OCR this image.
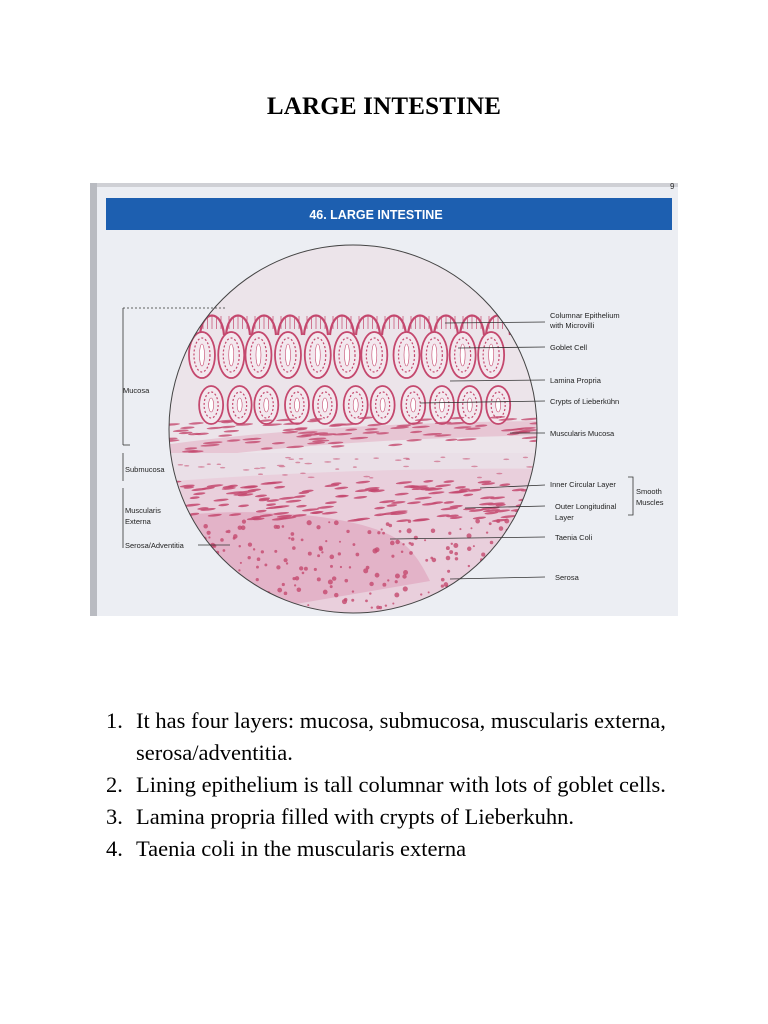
LARGE INTESTINE
9
46. LARGE INTESTINE
Mucosa
Submucosa
Muscularis
Externa
Serosa/Adventitia
Columnar Epithelium
with Microvilli
Goblet Cell
Lamina Propria
Crypts of Lieberkühn
Muscularis Mucosa
Inner Circular Layer
Outer Longitudinal
Layer
Smooth
Muscles
Taenia Coli
Serosa
1. It has four layers: mucosa, submucosa, muscularis externa, serosa/adventitia.
2. Lining epithelium is tall columnar with lots of goblet cells.
3. Lamina propria filled with crypts of Lieberkuhn.
4. Taenia coli in the muscularis externa
